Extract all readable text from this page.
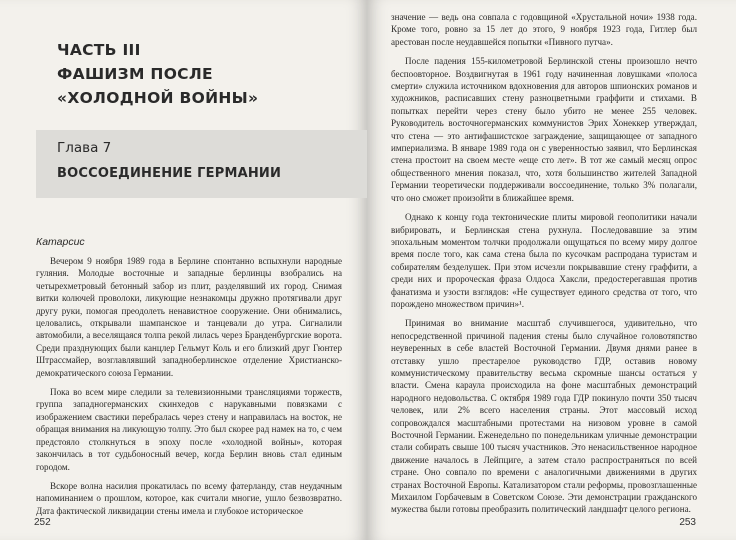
ЧАСТЬ III
ФАШИЗМ ПОСЛЕ «ХОЛОДНОЙ ВОЙНЫ»
Глава 7
ВОССОЕДИНЕНИЕ ГЕРМАНИИ
Катарсис

Вечером 9 ноября 1989 года в Берлине спонтанно вспыхнули народные гуляния. Молодые восточные и западные берлинцы взобрались на четырехметровый бетонный забор из плит, разделявший их город. Снимая витки колючей проволоки, ликующие незнакомцы дружно протягивали друг другу руки, помогая преодолеть ненавистное сооружение. Они обнимались, целовались, открывали шампанское и танцевали до утра. Сигналили автомобили, а веселящаяся толпа рекой лилась через Бранденбургские ворота. Среди празднующих были канцлер Гельмут Коль и его близкий друг Гюнтер Штрассмайер, возглавлявший западноберлинское отделение Христианско-демократического союза Германии.

Пока во всем мире следили за телевизионными трансляциями торжеств, группа западногерманских скинхедов с нарукавными повязками с изображением свастики перебралась через стену и направилась на восток, не обращая внимания на ликующую толпу. Это был скорее рад намек на то, с чем предстояло столкнуться в эпоху после «холодной войны», которая закончилась в тот судьбоносный вечер, когда Берлин вновь стал единым городом.

Вскоре волна насилия прокатилась по всему фатерланду, став неудачным напоминанием о прошлом, которое, как считали многие, ушло безвозвратно. Дата фактической ликвидации стены имела и глубокое историческое

252

значение — ведь она совпала с годовщиной «Хрустальной ночи» 1938 года. Кроме того, ровно за 15 лет до этого, 9 ноября 1923 года, Гитлер был арестован после неудавшейся попытки «Пивного путча».

После падения 155-километровой Берлинской стены произошло нечто беспоовторное. Воздвигнутая в 1961 году начиненная ловушками «полоса смерти» служила источником вдохновения для авторов шпионских романов и художников, расписавших стену разноцветными граффити и стихами. В попытках перейти через стену было убито не менее 255 человек. Руководитель восточногерманских коммунистов Эрих Хонеккер утверждал, что стена — это антифашистское заграждение, защищающее от западного империализма. В январе 1989 года он с уверенностью заявил, что Берлинская стена простоит на своем месте «еще сто лет». В тот же самый месяц опрос общественного мнения показал, что, хотя большинство жителей Западной Германии теоретически поддерживали воссоединение, только 3% полагали, что оно сможет произойти в ближайшее время.

Однако к концу года тектонические плиты мировой геополитики начали вибрировать, и Берлинская стена рухнула. Последовавшие за этим эпохальным моментом толчки продолжали ощущаться по всему миру долгое время после того, как сама стена была по кусочкам распродана туристам и собирателям безделушек. При этом исчезли покрывавшие стену граффити, а среди них и пророческая фраза Олдоса Хаксли, предостерегавшая против фанатизма и узости взглядов: «Не существует единого средства от того, что порождено множеством причин»¹.

Принимая во внимание масштаб случившегося, удивительно, что непосредственной причиной падения стены было случайное головотяпство неуверенных в себе властей Восточной Германии. Двумя днями ранее в отставку ушло престарелое руководство ГДР, оставив новому коммунистическому правительству весьма скромные шансы остаться у власти. Смена караула происходила на фоне масштабных демонстраций народного недовольства. С октября 1989 года ГДР покинуло почти 350 тысяч человек, или 2% всего населения страны. Этот массовый исход сопровождался масштабными протестами на низовом уровне в самой Восточной Германии. Еженедельно по понедельникам уличные демонстрации стали собирать свыше 100 тысяч участников. Это ненасильственное народное движение началось в Лейпциге, а затем стало распространяться по всей стране. Оно совпало по времени с аналогичными движениями в других странах Восточной Европы. Катализатором стали реформы, провозглашенные Михаилом Горбачевым в Советском Союзе. Эти демонстрации гражданского мужества были готовы преобразить политический ландшафт целого региона.

253
